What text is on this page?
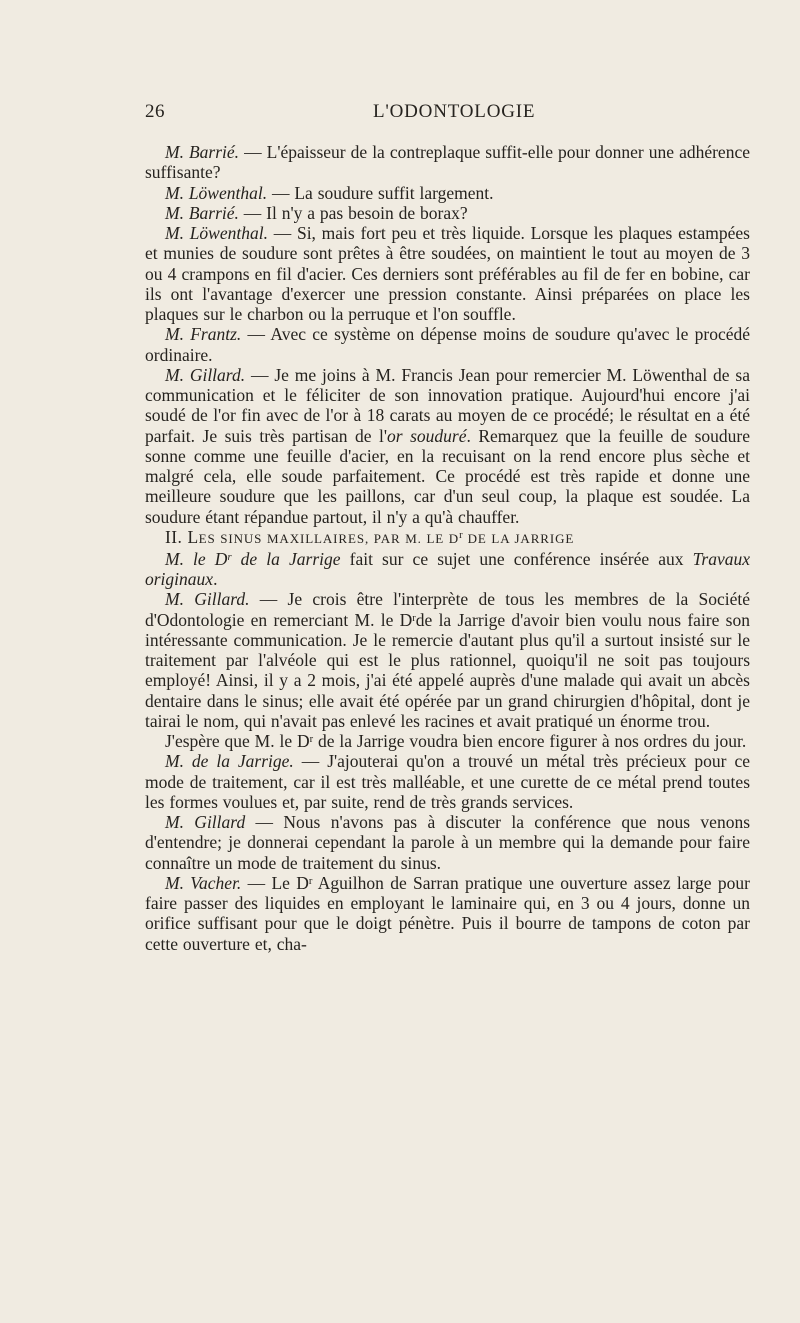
26	L'ODONTOLOGIE

M. Barrié. — L'épaisseur de la contreplaque suffit-elle pour donner une adhérence suffisante?

M. Löwenthal. — La soudure suffit largement.

M. Barrié. — Il n'y a pas besoin de borax?

M. Löwenthal. — Si, mais fort peu et très liquide. Lorsque les plaques estampées et munies de soudure sont prêtes à être soudées, on maintient le tout au moyen de 3 ou 4 crampons en fil d'acier. Ces derniers sont préférables au fil de fer en bobine, car ils ont l'avantage d'exercer une pression constante. Ainsi préparées on place les plaques sur le charbon ou la perruque et l'on souffle.

M. Frantz. — Avec ce système on dépense moins de soudure qu'avec le procédé ordinaire.

M. Gillard. — Je me joins à M. Francis Jean pour remercier M. Löwenthal de sa communication et le féliciter de son innovation pratique. Aujourd'hui encore j'ai soudé de l'or fin avec de l'or à 18 carats au moyen de ce procédé; le résultat en a été parfait. Je suis très partisan de l'or souduré. Remarquez que la feuille de soudure sonne comme une feuille d'acier, en la recuisant on la rend encore plus sèche et malgré cela, elle soude parfaitement. Ce procédé est très rapide et donne une meilleure soudure que les paillons, car d'un seul coup, la plaque est soudée. La soudure étant répandue partout, il n'y a qu'à chauffer.

II. LES SINUS MAXILLAIRES, PAR M. LE $D^r$ DE LA JARRIGE

M. le $D^r$ de la Jarrige fait sur ce sujet une conférence insérée aux Travaux originaux.

M. Gillard. — Je crois être l'interprète de tous les membres de la Société d'Odontologie en remerciant M. le $D^rde$ la Jarrige d'avoir bien voulu nous faire son intéressante communication. Je le remercie d'autant plus qu'il a surtout insisté sur le traitement par l'alvéole qui est le plus rationnel, quoiqu'il ne soit pas toujours employé! Ainsi, il y a 2 mois, j'ai été appelé auprès d'une malade qui avait un abcès dentaire dans le sinus; elle avait été opérée par un grand chirurgien d'hôpital, dont je tairai le nom, qui n'avait pas enlevé les racines et avait pratiqué un énorme trou.

J'espère que M. le $D^r$ de la Jarrige voudra bien encore figurer à nos ordres du jour.

M. de la Jarrige. — J'ajouterai qu'on a trouvé un métal très précieux pour ce mode de traitement, car il est très malléable, et une curette de ce métal prend toutes les formes voulues et, par suite, rend de très grands services.

M. Gillard — Nous n'avons pas à discuter la conférence que nous venons d'entendre; je donnerai cependant la parole à un membre qui la demande pour faire connaître un mode de traitement du sinus.

M. Vacher. — Le $D^r$ Aguilhon de Sarran pratique une ouverture assez large pour faire passer des liquides en employant le laminaire qui, en 3 ou 4 jours, donne un orifice suffisant pour que le doigt pénètre. Puis il bourre de tampons de coton par cette ouverture et, cha-
